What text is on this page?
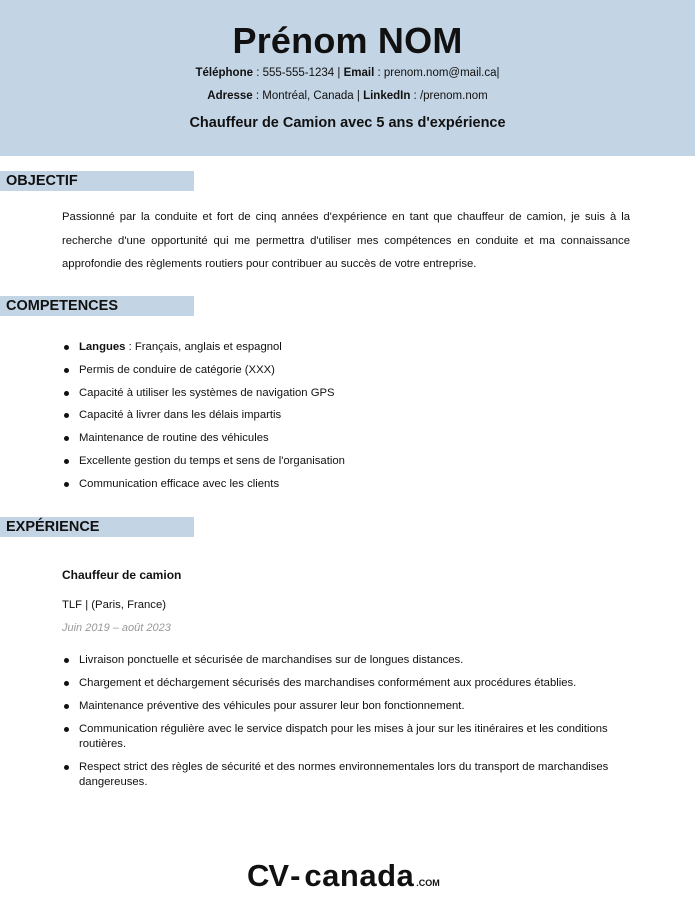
Prénom NOM
Téléphone : 555-555-1234 | Email : prenom.nom@mail.ca|
Adresse : Montréal, Canada | LinkedIn : /prenom.nom
Chauffeur de Camion avec 5 ans d'expérience
OBJECTIF
Passionné par la conduite et fort de cinq années d'expérience en tant que chauffeur de camion, je suis à la recherche d'une opportunité qui me permettra d'utiliser mes compétences en conduite et ma connaissance approfondie des règlements routiers pour contribuer au succès de votre entreprise.
COMPETENCES
Langues : Français, anglais et espagnol
Permis de conduire de catégorie (XXX)
Capacité à utiliser les systèmes de navigation GPS
Capacité à livrer dans les délais impartis
Maintenance de routine des véhicules
Excellente gestion du temps et sens de l'organisation
Communication efficace avec les clients
EXPÉRIENCE
Chauffeur de camion
TLF | (Paris, France)
Juin 2019 – août 2023
Livraison ponctuelle et sécurisée de marchandises sur de longues distances.
Chargement et déchargement sécurisés des marchandises conformément aux procédures établies.
Maintenance préventive des véhicules pour assurer leur bon fonctionnement.
Communication régulière avec le service dispatch pour les mises à jour sur les itinéraires et les conditions routières.
Respect strict des règles de sécurité et des normes environnementales lors du transport de marchandises dangereuses.
CV - canada .COM
